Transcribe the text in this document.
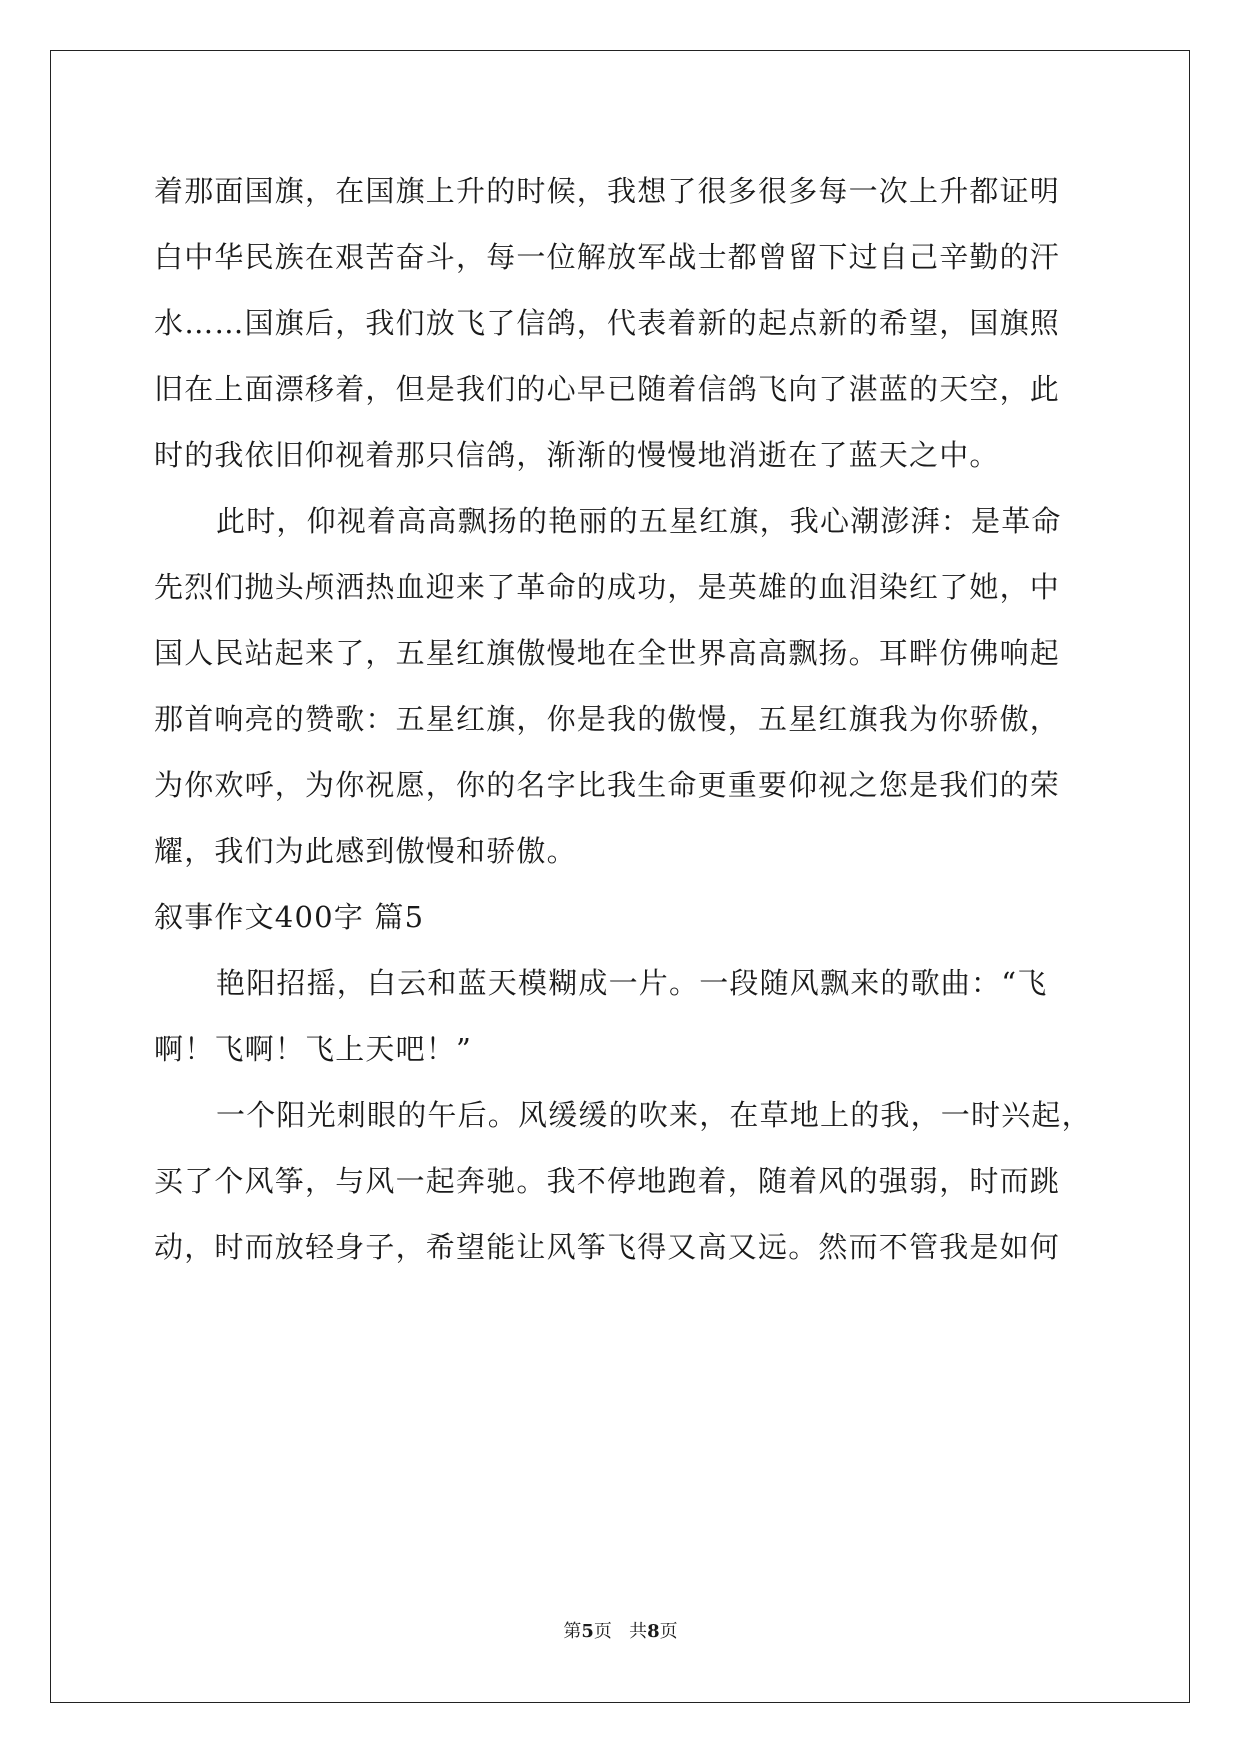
着那面国旗，在国旗上升的时候，我想了很多很多每一次上升都证明
白中华民族在艰苦奋斗，每一位解放军战士都曾留下过自己辛勤的汗
水……国旗后，我们放飞了信鸽，代表着新的起点新的希望，国旗照
旧在上面漂移着，但是我们的心早已随着信鸽飞向了湛蓝的天空，此
时的我依旧仰视着那只信鸽，渐渐的慢慢地消逝在了蓝天之中。
此时，仰视着高高飘扬的艳丽的五星红旗，我心潮澎湃：是革命
先烈们抛头颅洒热血迎来了革命的成功，是英雄的血泪染红了她，中
国人民站起来了，五星红旗傲慢地在全世界高高飘扬。耳畔仿佛响起
那首响亮的赞歌：五星红旗，你是我的傲慢，五星红旗我为你骄傲，
为你欢呼，为你祝愿，你的名字比我生命更重要仰视之您是我们的荣
耀，我们为此感到傲慢和骄傲。
叙事作文400字 篇5
艳阳招摇，白云和蓝天模糊成一片。一段随风飘来的歌曲：“飞
啊！飞啊！飞上天吧！”
一个阳光刺眼的午后。风缓缓的吹来，在草地上的我，一时兴起，
买了个风筝，与风一起奔驰。我不停地跑着，随着风的强弱，时而跳
动，时而放轻身子，希望能让风筝飞得又高又远。然而不管我是如何
第5页   共8页
